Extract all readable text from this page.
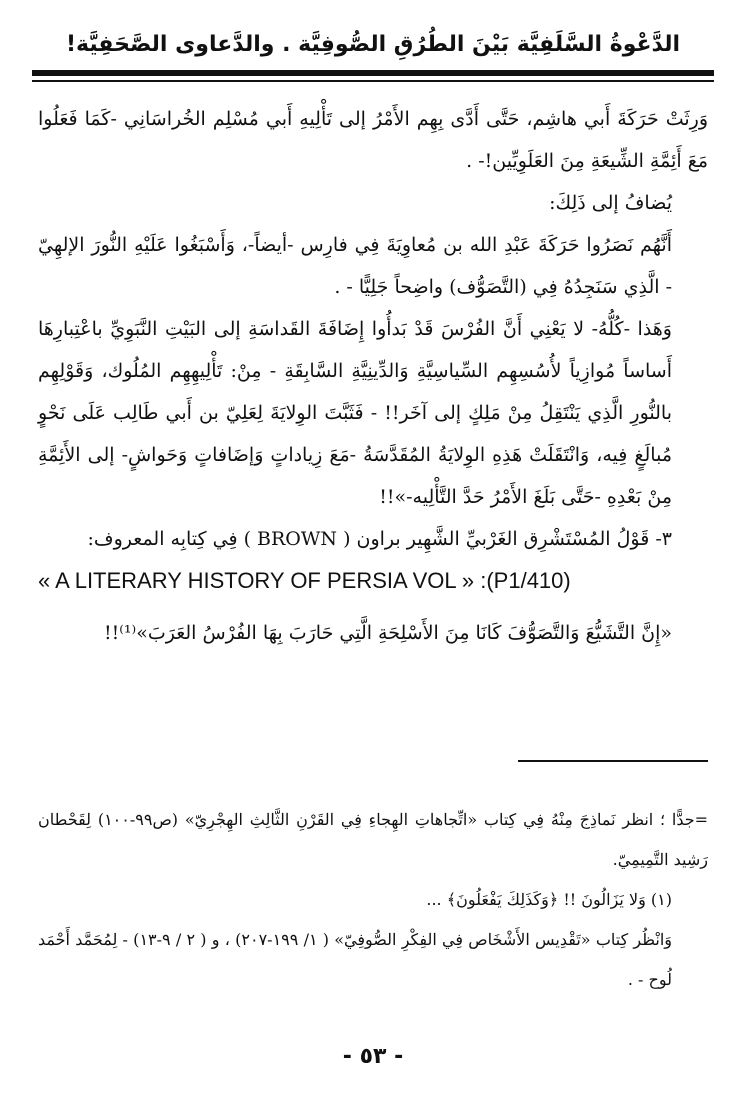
الدَّعْوةُ السَّلَفِيَّة بَيْنَ الطُرُقِ الصُّوفِيَّة . والدَّعاوى الصَّحَفِيَّة!

وَرِثَتْ حَرَكَةَ أَبي هاشِم، حَتَّى أَدَّى بِهِم الأَمْرُ إلى تَأْلِيهِ أَبي مُسْلِم الخُراسَانِي -كَمَا فَعَلُوا مَعَ أَئِمَّةِ الشِّيعَةِ مِنَ العَلَوِيِّين!- .

يُضافُ إلى ذَلِكَ:

أَنَّهُم نَصَرُوا حَرَكَةَ عَبْدِ الله بن مُعاوِيَةَ فِي فارِس -أيضاً-، وَأَسْبَغُوا عَلَيْهِ النُّورَ الإلهِيّ - الَّذِي سَنَجِدُهُ فِي (التَّصَوُّف) واضِحاً جَلِيًّا - .

وَهَذا -كُلُّهُ- لا يَعْنِي أَنَّ الفُرْسَ قَدْ بَدأُوا إِضَافَةَ القَداسَةِ إلى البَيْتِ النَّبَوِيِّ باعْتِبارِهَا أَساساً مُوازِياً لأُسُسِهِم السِّياسِيَّةِ وَالدِّينِيَّةِ السَّابِقَةِ - مِنْ: تَأْلِيهِهِم المُلُوك، وَقَوْلِهِم بالنُّورِ الَّذِي يَنْتَقِلُ مِنْ مَلِكٍ إلى آخَر!! - فَثَبَّتَ الوِلايَةَ لِعَلِيّ بن أَبي طَالِب عَلَى نَحْوٍ مُبالَغٍ فِيه، وَانْتَقَلَتْ هَذِهِ الوِلايَةُ المُقَدَّسَةُ -مَعَ زِياداتٍ وَإضَافاتٍ وَحَواشٍ- إلى الأَئِمَّةِ مِنْ بَعْدِهِ -حَتَّى بَلَغَ الأَمْرُ حَدَّ التَّأْلِيه-»!!

٣- قَوْلُ المُسْتَشْرِق الغَرْبيِّ الشَّهِير براون ( BROWN ) فِي كِتابِه المعروف:

« A LITERARY HISTORY OF PERSIA VOL » :(P1/410)

«إِنَّ التَّشَيُّعَ وَالتَّصَوُّفَ كَانَا مِنَ الأَسْلِحَةِ الَّتِي حَارَبَ بِهَا الفُرْسُ العَرَبَ»⁽¹⁾!!

=جدًّا ؛ انظر نَماذِجَ مِنْهُ فِي كِتاب «اتِّجاهاتِ الهِجاءِ فِي القَرْنِ الثَّالِثِ الهِجْرِيّ» (ص٩٩-١٠٠) لِقَحْطان رَشِيد التَّمِيمِيّ.

(١) وَلا يَزَالُونَ !! ﴿وَكَذَلِكَ يَفْعَلُونَ﴾ ...

وَانْظُر كِتاب «تَقْدِيس الأَشْخَاص فِي الفِكْرِ الصُّوفِيّ» ( ١/ ١٩٩-٢٠٧) ، و ( ٢ / ٩-١٣) - لِمُحَمَّد أَحْمَد لُوح - .

- ٥٣ -
